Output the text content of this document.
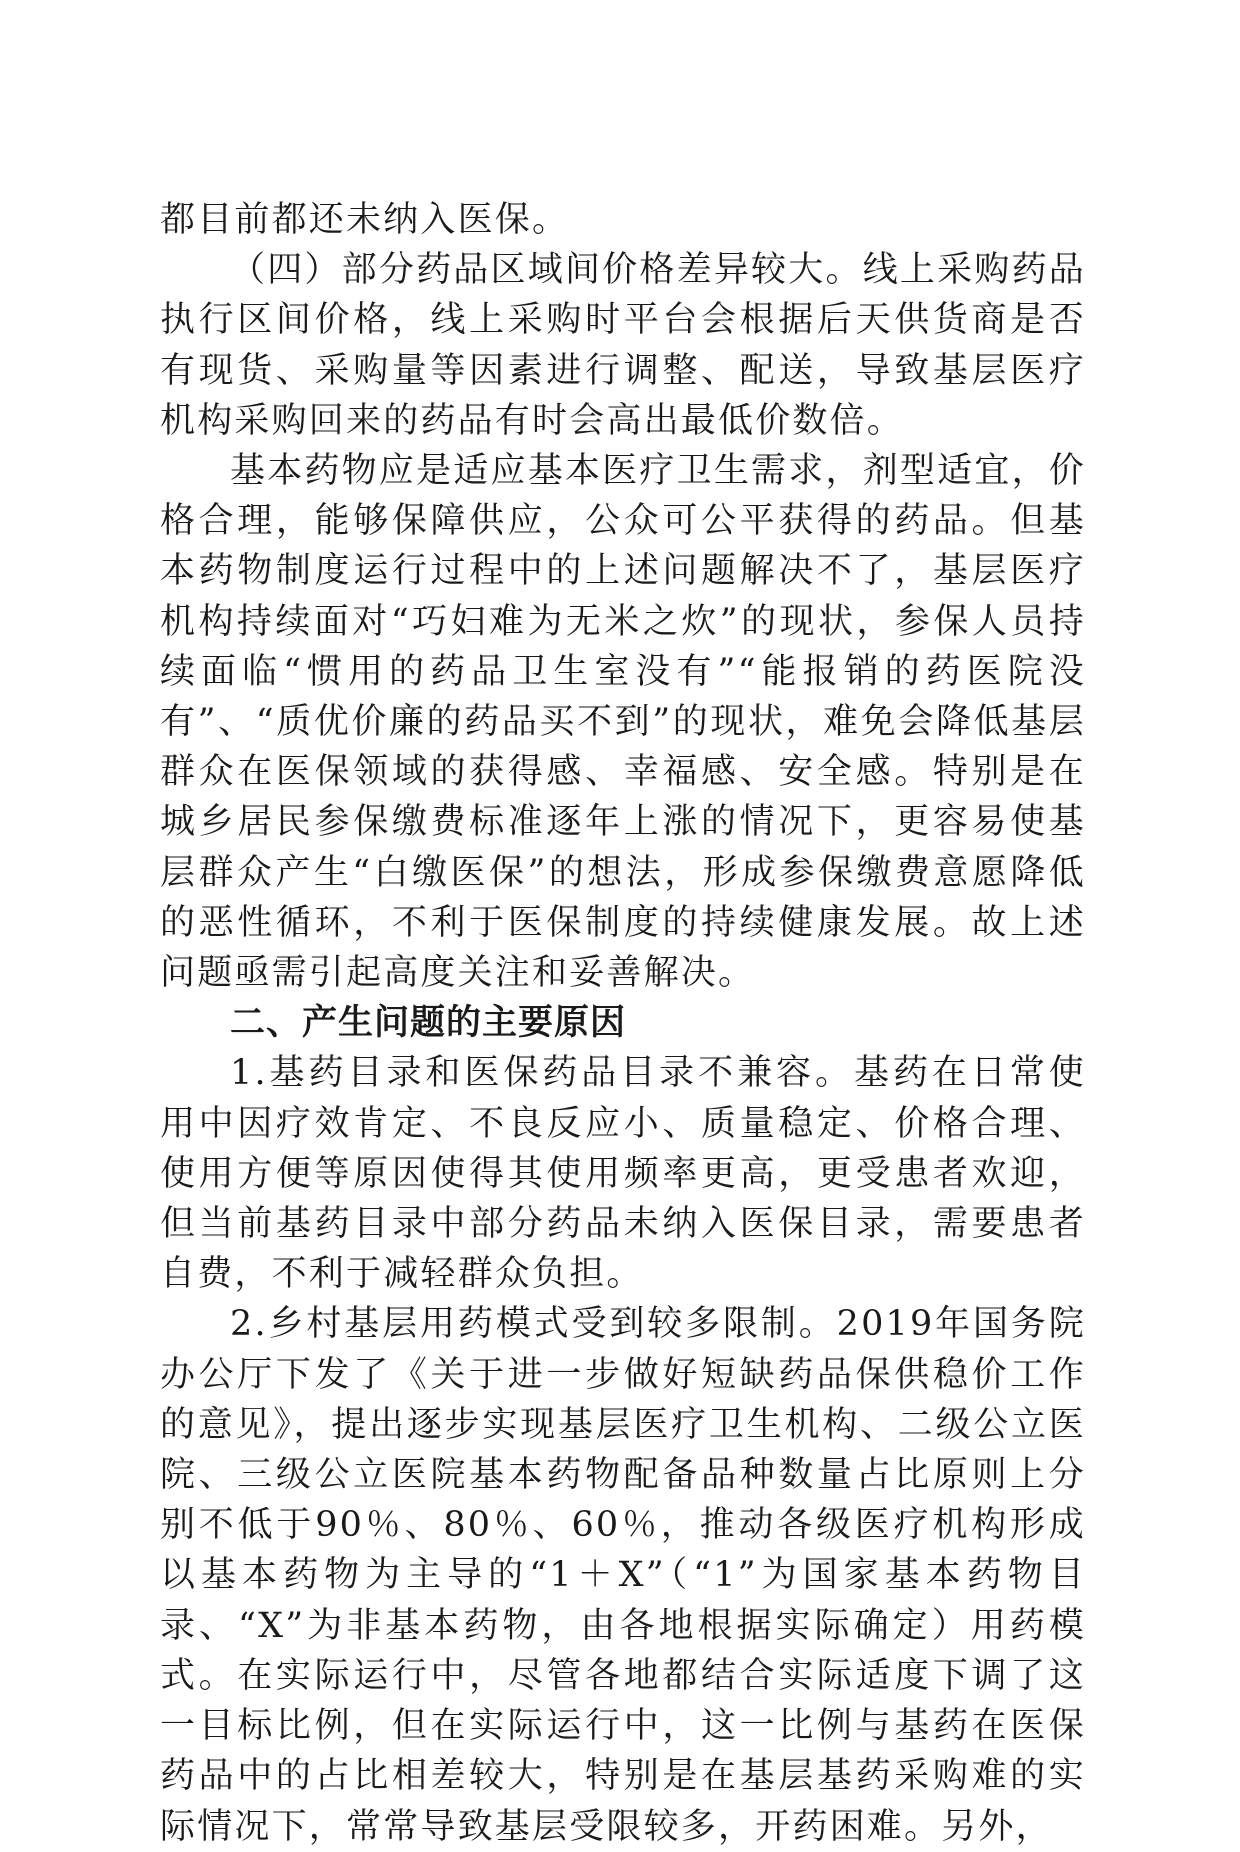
都目前都还未纳入医保。

（四）部分药品区域间价格差异较大。线上采购药品执行区间价格，线上采购时平台会根据后天供货商是否有现货、采购量等因素进行调整、配送，导致基层医疗机构采购回来的药品有时会高出最低价数倍。

基本药物应是适应基本医疗卫生需求，剂型适宜，价格合理，能够保障供应，公众可公平获得的药品。但基本药物制度运行过程中的上述问题解决不了，基层医疗机构持续面对“巧妇难为无米之炊”的现状，参保人员持续面临“惯用的药品卫生室没有”“能报销的药医院没有”、“质优价廉的药品买不到”的现状，难免会降低基层群众在医保领域的获得感、幸福感、安全感。特别是在城乡居民参保缴费标准逐年上涨的情况下，更容易使基层群众产生“白缴医保”的想法，形成参保缴费意愿降低的恶性循环，不利于医保制度的持续健康发展。故上述问题亟需引起高度关注和妥善解决。

二、产生问题的主要原因

1.基药目录和医保药品目录不兼容。基药在日常使用中因疗效肯定、不良反应小、质量稳定、价格合理、使用方便等原因使得其使用频率更高，更受患者欢迎，但当前基药目录中部分药品未纳入医保目录，需要患者自费，不利于减轻群众负担。

2.乡村基层用药模式受到较多限制。2019年国务院办公厅下发了《关于进一步做好短缺药品保供稳价工作的意见》，提出逐步实现基层医疗卫生机构、二级公立医院、三级公立医院基本药物配备品种数量占比原则上分别不低于90％、80％、60％，推动各级医疗机构形成以基本药物为主导的“1＋X”（“1”为国家基本药物目录、“X”为非基本药物，由各地根据实际确定）用药模式。在实际运行中，尽管各地都结合实际适度下调了这一目标比例，但在实际运行中，这一比例与基药在医保药品中的占比相差较大，特别是在基层基药采购难的实际情况下，常常导致基层受限较多，开药困难。另外，
